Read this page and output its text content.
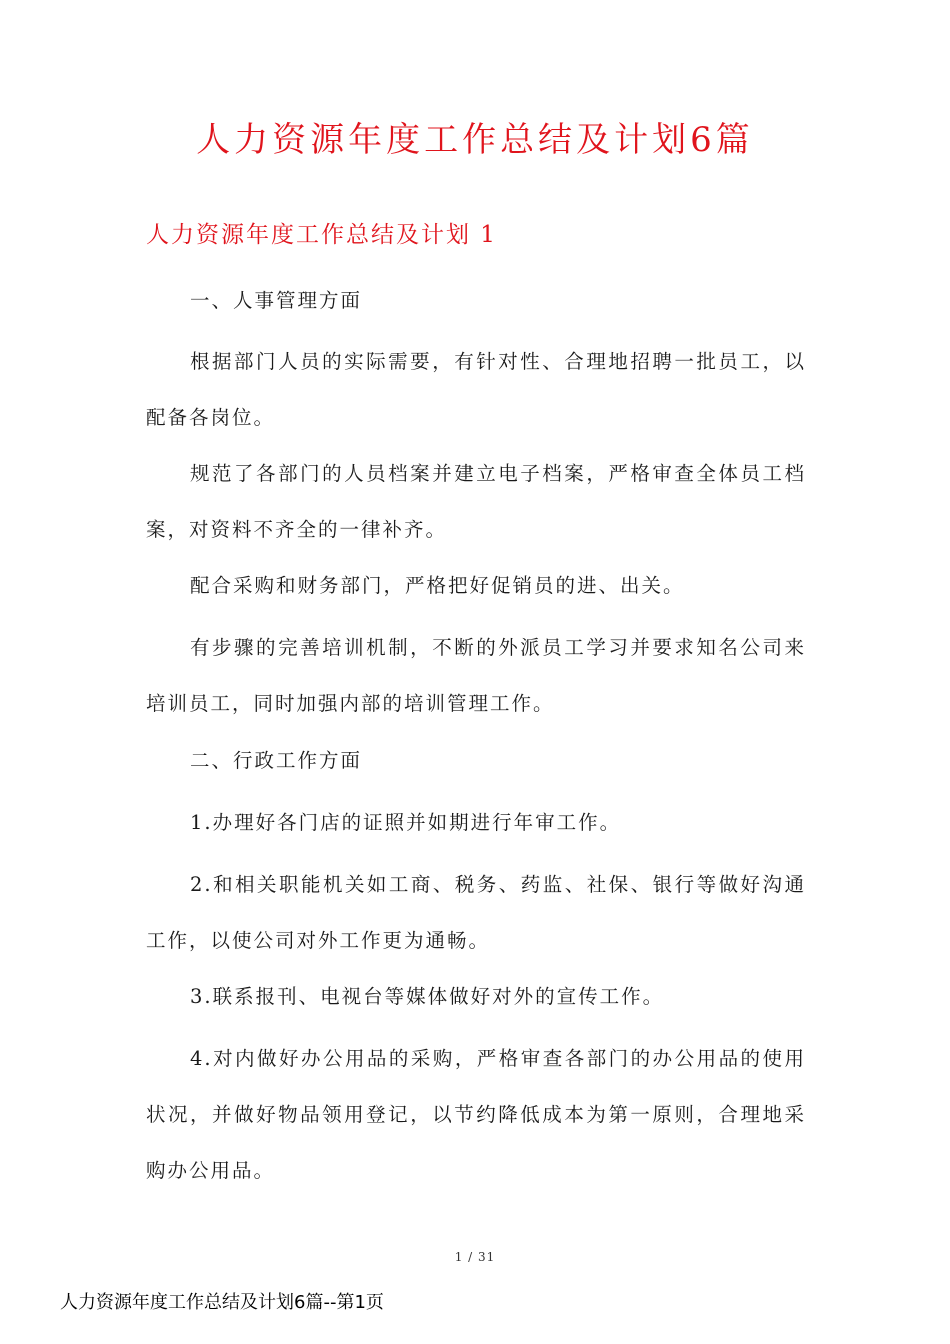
人力资源年度工作总结及计划6篇
人力资源年度工作总结及计划 1

一、人事管理方面

根据部门人员的实际需要，有针对性、合理地招聘一批员工，以配备各岗位。

规范了各部门的人员档案并建立电子档案，严格审查全体员工档案，对资料不齐全的一律补齐。

配合采购和财务部门，严格把好促销员的进、出关。

有步骤的完善培训机制，不断的外派员工学习并要求知名公司来培训员工，同时加强内部的培训管理工作。

二、行政工作方面

1.办理好各门店的证照并如期进行年审工作。

2.和相关职能机关如工商、税务、药监、社保、银行等做好沟通工作，以使公司对外工作更为通畅。

3.联系报刊、电视台等媒体做好对外的宣传工作。

4.对内做好办公用品的采购，严格审查各部门的办公用品的使用状况，并做好物品领用登记，以节约降低成本为第一原则，合理地采购办公用品。

1 / 31
人力资源年度工作总结及计划6篇--第1页
